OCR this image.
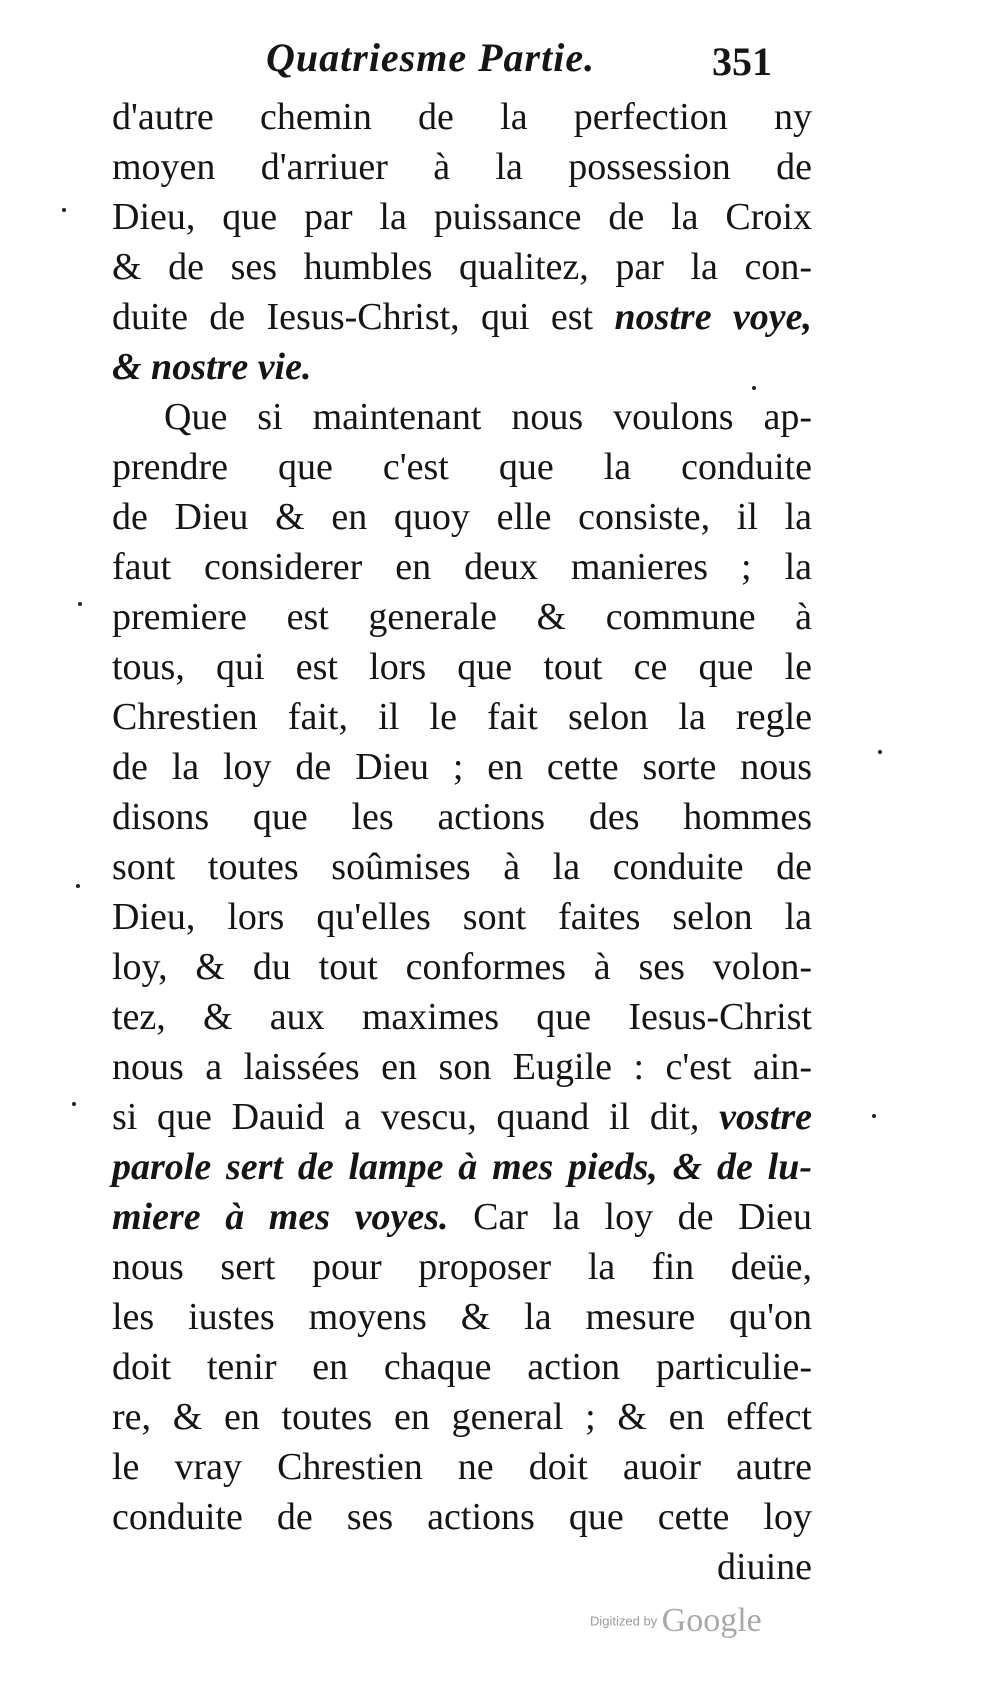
Quatriesme Partie.	351
d'autre chemin de la perfection ny
moyen d'arriuer à la possession de
Dieu, que par la puissance de la Croix
& de ses humbles qualitez, par la con-
duite de Iesus-Christ, qui est nostre voye,
& nostre vie.
Que si maintenant nous voulons ap-
prendre que c'est que la conduite
de Dieu & en quoy elle consiste, il la
faut considerer en deux manieres ; la
premiere est generale & commune à
tous, qui est lors que tout ce que le
Chrestien fait, il le fait selon la regle
de la loy de Dieu ; en cette sorte nous
disons que les actions des hommes
sont toutes soûmises à la conduite de
Dieu, lors qu'elles sont faites selon la
loy, & du tout conformes à ses volon-
tez, & aux maximes que Iesus-Christ
nous a laissées en son Eugile : c'est ain-
si que Dauid a vescu, quand il dit, vostre
parole sert de lampe à mes pieds, & de lu-
miere à mes voyes. Car la loy de Dieu
nous sert pour proposer la fin deüe,
les iustes moyens & la mesure qu'on
doit tenir en chaque action particulie-
re, & en toutes en general ; & en effect
le vray Chrestien ne doit auoir autre
conduite de ses actions que cette loy
diuine
Digitized by Google
